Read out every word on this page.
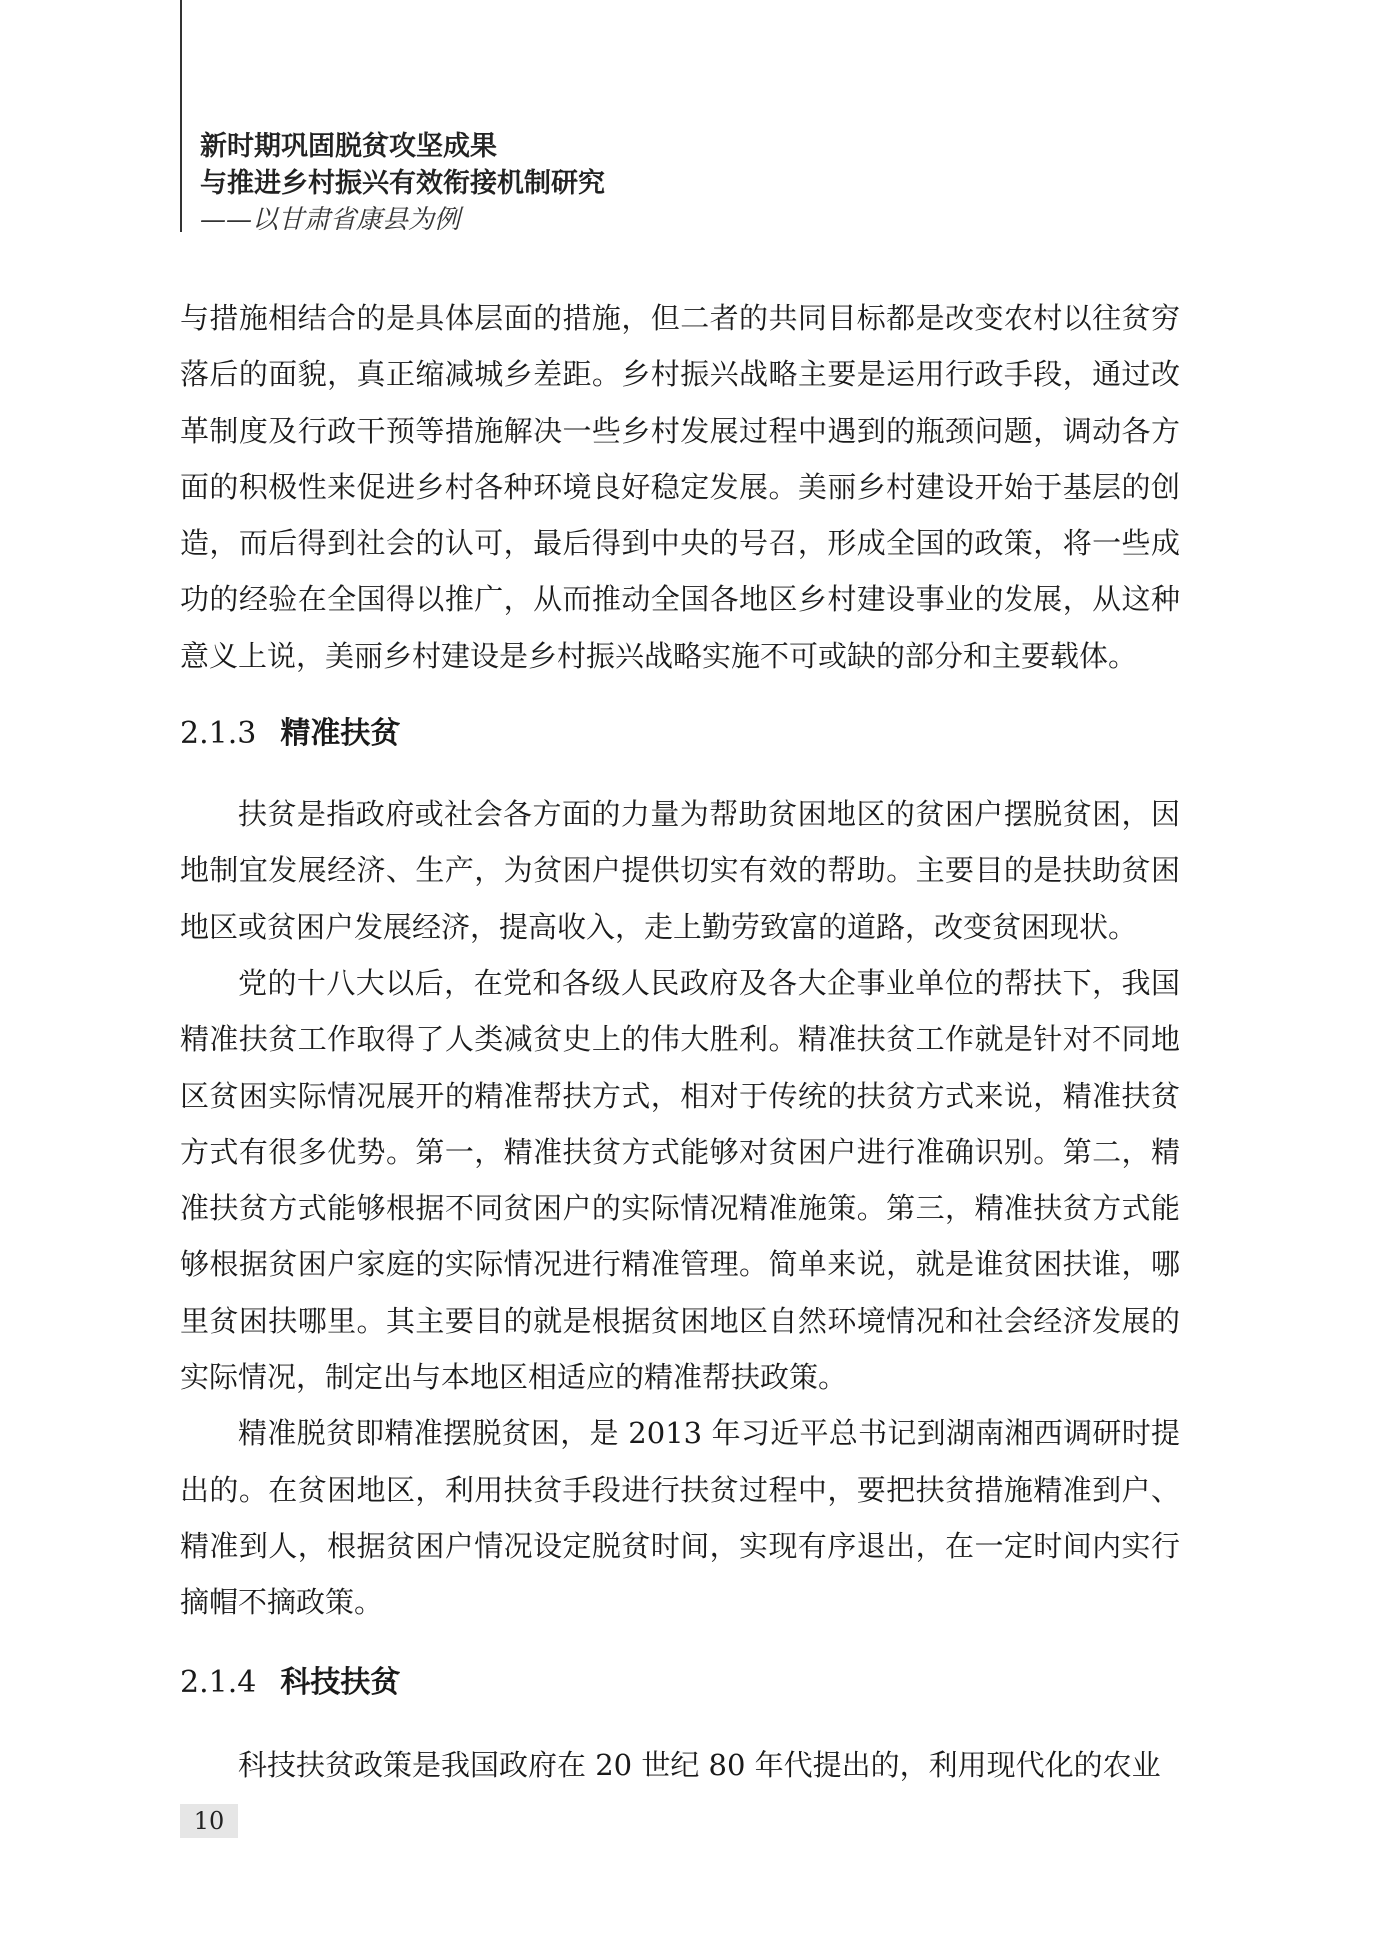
新时期巩固脱贫攻坚成果
与推进乡村振兴有效衔接机制研究
——以甘肃省康县为例

与措施相结合的是具体层面的措施，但二者的共同目标都是改变农村以往贫穷落后的面貌，真正缩减城乡差距。乡村振兴战略主要是运用行政手段，通过改革制度及行政干预等措施解决一些乡村发展过程中遇到的瓶颈问题，调动各方面的积极性来促进乡村各种环境良好稳定发展。美丽乡村建设开始于基层的创造，而后得到社会的认可，最后得到中央的号召，形成全国的政策，将一些成功的经验在全国得以推广，从而推动全国各地区乡村建设事业的发展，从这种意义上说，美丽乡村建设是乡村振兴战略实施不可或缺的部分和主要载体。

2.1.3 精准扶贫

扶贫是指政府或社会各方面的力量为帮助贫困地区的贫困户摆脱贫困，因地制宜发展经济、生产，为贫困户提供切实有效的帮助。主要目的是扶助贫困地区或贫困户发展经济，提高收入，走上勤劳致富的道路，改变贫困现状。

党的十八大以后，在党和各级人民政府及各大企事业单位的帮扶下，我国精准扶贫工作取得了人类减贫史上的伟大胜利。精准扶贫工作就是针对不同地区贫困实际情况展开的精准帮扶方式，相对于传统的扶贫方式来说，精准扶贫方式有很多优势。第一，精准扶贫方式能够对贫困户进行准确识别。第二，精准扶贫方式能够根据不同贫困户的实际情况精准施策。第三，精准扶贫方式能够根据贫困户家庭的实际情况进行精准管理。简单来说，就是谁贫困扶谁，哪里贫困扶哪里。其主要目的就是根据贫困地区自然环境情况和社会经济发展的实际情况，制定出与本地区相适应的精准帮扶政策。

精准脱贫即精准摆脱贫困，是 2013 年习近平总书记到湖南湘西调研时提出的。在贫困地区，利用扶贫手段进行扶贫过程中，要把扶贫措施精准到户、精准到人，根据贫困户情况设定脱贫时间，实现有序退出，在一定时间内实行摘帽不摘政策。

2.1.4 科技扶贫

科技扶贫政策是我国政府在 20 世纪 80 年代提出的，利用现代化的农业

10
